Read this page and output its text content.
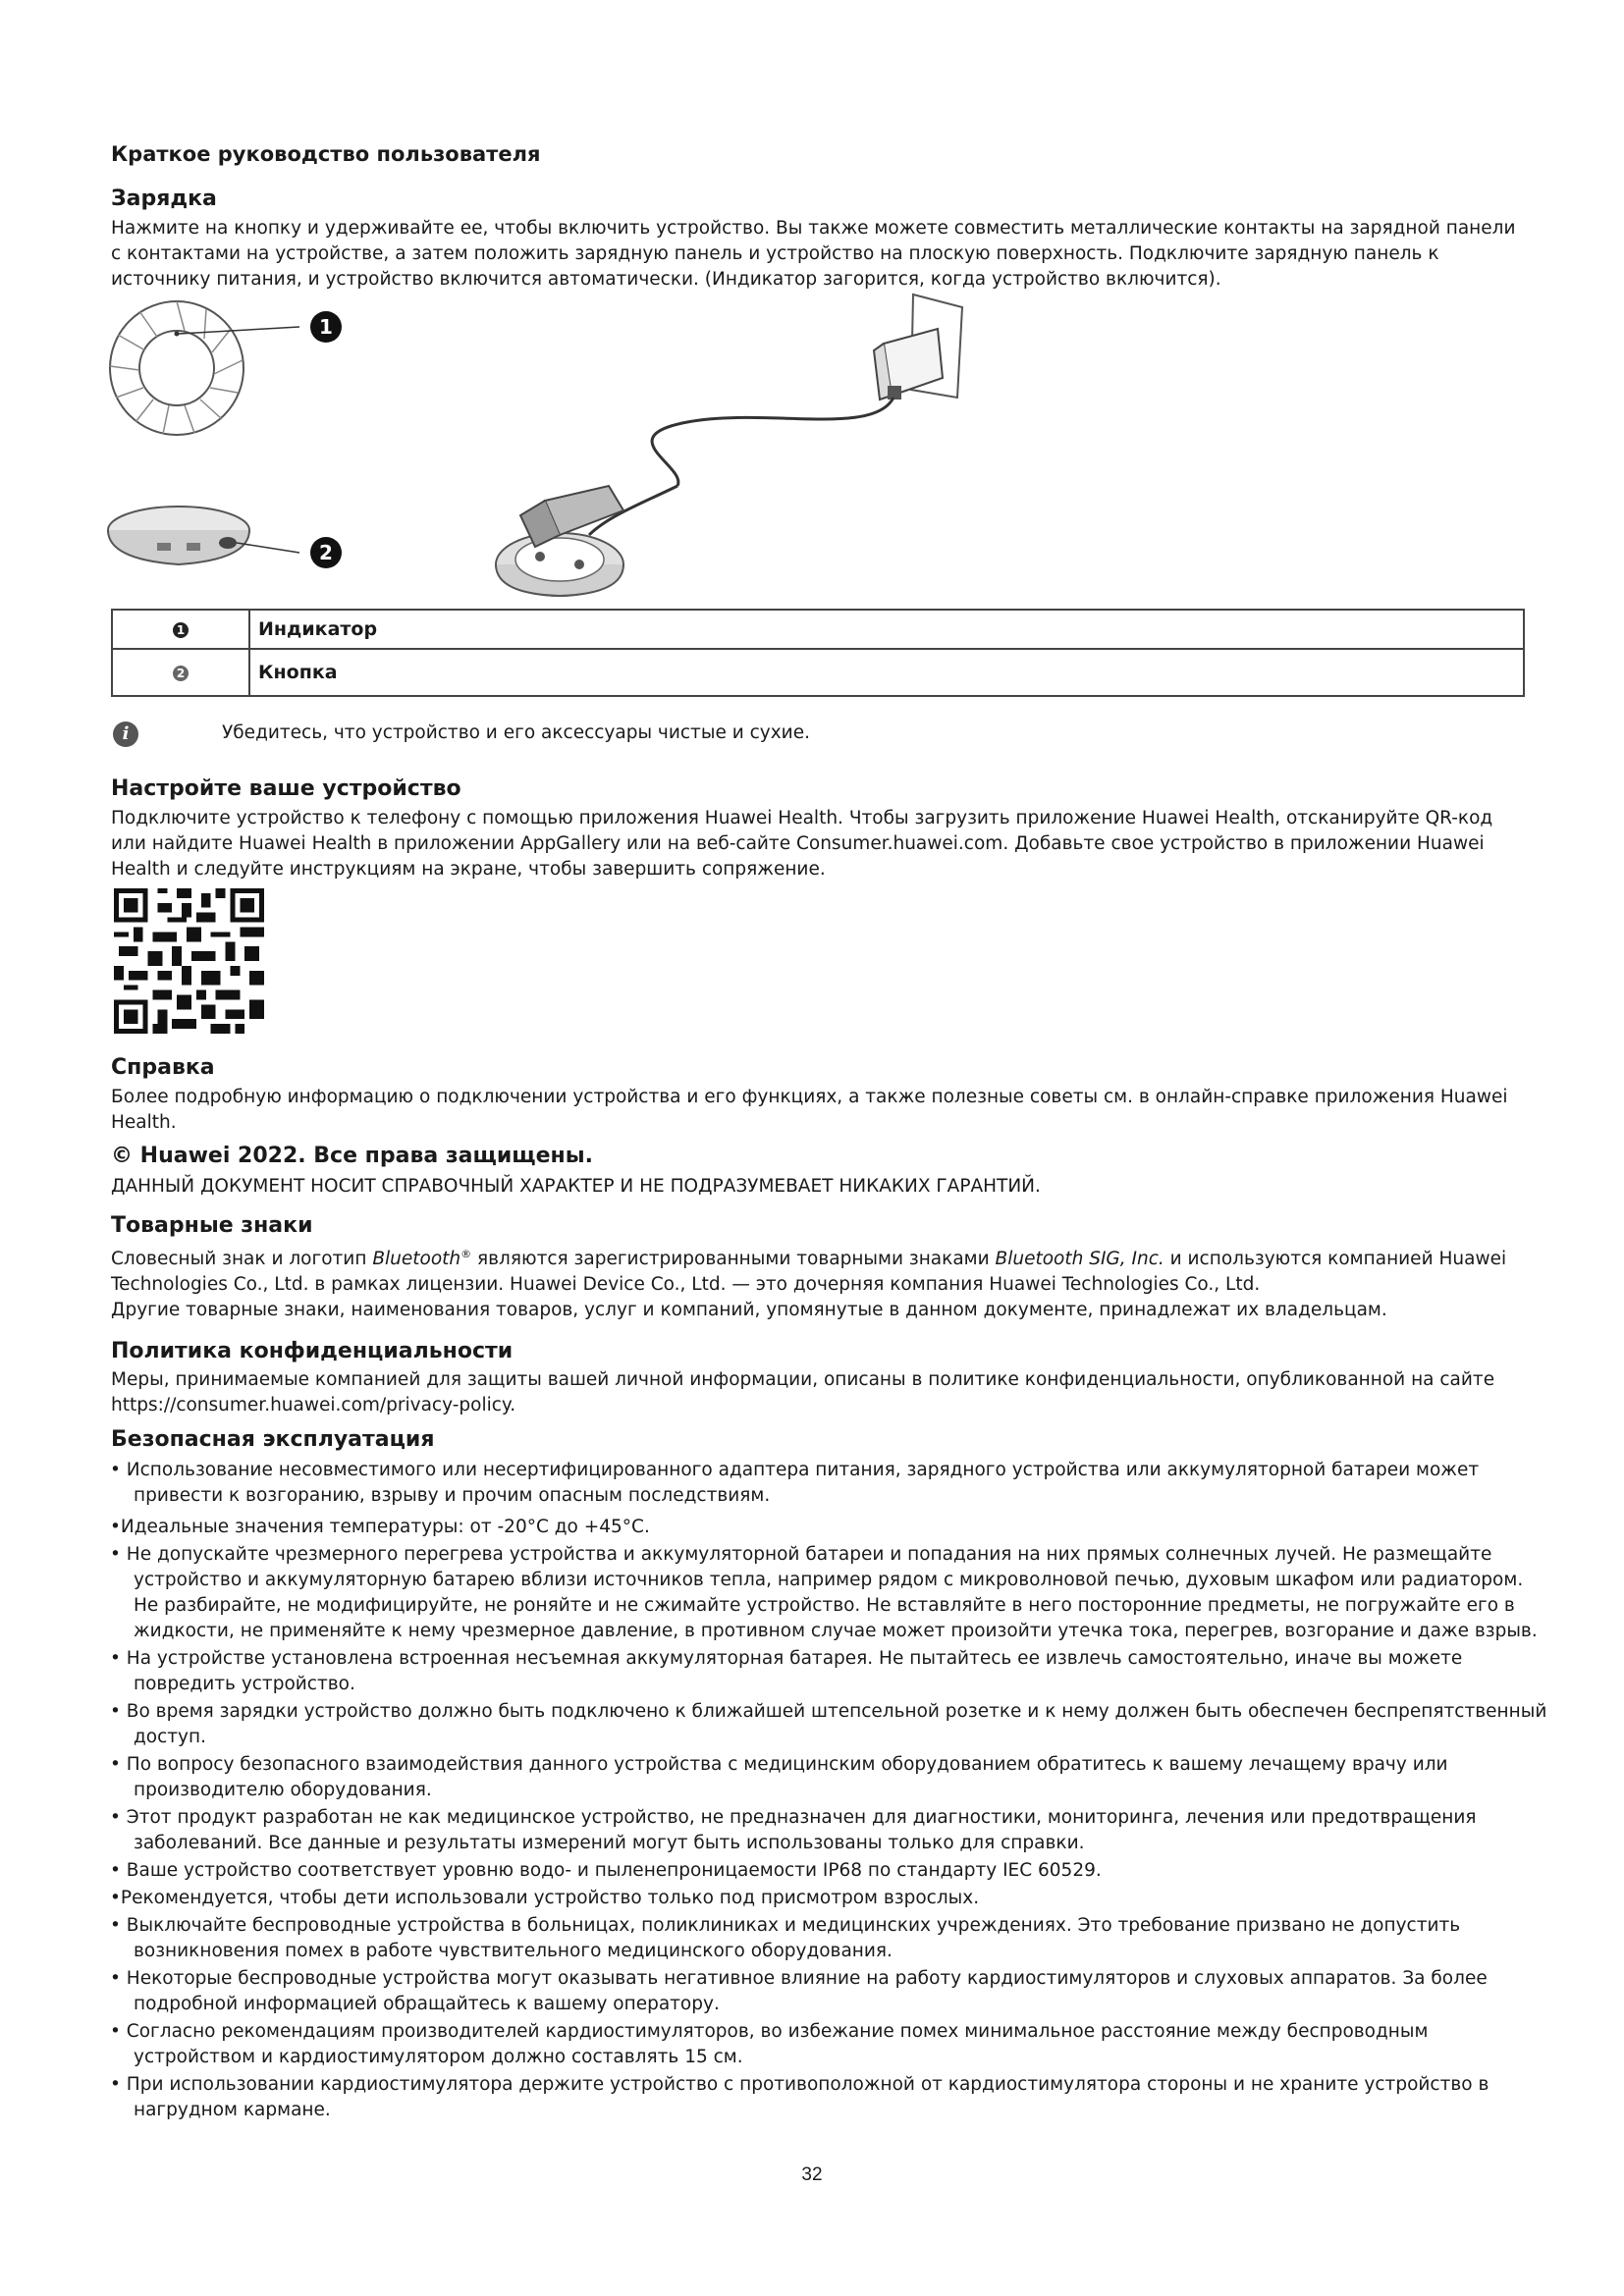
Краткое руководство пользователя
Зарядка
Нажмите на кнопку и удерживайте ее, чтобы включить устройство. Вы также можете совместить металлические контакты на зарядной панели с контактами на устройстве, а затем положить зарядную панель и устройство на плоскую поверхность. Подключите зарядную панель к источнику питания, и устройство включится автоматически. (Индикатор загорится, когда устройство включится).
1
2
1	Индикатор
2	Кнопка
i	Убедитесь, что устройство и его аксессуары чистые и сухие.
Настройте ваше устройство
Подключите устройство к телефону с помощью приложения Huawei Health. Чтобы загрузить приложение Huawei Health, отсканируйте QR-код или найдите Huawei Health в приложении AppGallery или на веб-сайте Consumer.huawei.com. Добавьте свое устройство в приложении Huawei Health и следуйте инструкциям на экране, чтобы завершить сопряжение.
Справка
Более подробную информацию о подключении устройства и его функциях, а также полезные советы см. в онлайн-справке приложения Huawei Health.
© Huawei 2022. Все права защищены.
ДАННЫЙ ДОКУМЕНТ НОСИТ СПРАВОЧНЫЙ ХАРАКТЕР И НЕ ПОДРАЗУМЕВАЕТ НИКАКИХ ГАРАНТИЙ.
Товарные знаки
Словесный знак и логотип Bluetooth® являются зарегистрированными товарными знаками Bluetooth SIG, Inc. и используются компанией Huawei Technologies Co., Ltd. в рамках лицензии. Huawei Device Co., Ltd. — это дочерняя компания Huawei Technologies Co., Ltd.
Другие товарные знаки, наименования товаров, услуг и компаний, упомянутые в данном документе, принадлежат их владельцам.
Политика конфиденциальности
Меры, принимаемые компанией для защиты вашей личной информации, описаны в политике конфиденциальности, опубликованной на сайте https://consumer.huawei.com/privacy-policy.
Безопасная эксплуатация
• Использование несовместимого или несертифицированного адаптера питания, зарядного устройства или аккумуляторной батареи может привести к возгоранию, взрыву и прочим опасным последствиям.
•Идеальные значения температуры: от -20°C до +45°C.
• Не допускайте чрезмерного перегрева устройства и аккумуляторной батареи и попадания на них прямых солнечных лучей. Не размещайте устройство и аккумуляторную батарею вблизи источников тепла, например рядом с микроволновой печью, духовым шкафом или радиатором. Не разбирайте, не модифицируйте, не роняйте и не сжимайте устройство. Не вставляйте в него посторонние предметы, не погружайте его в жидкости, не применяйте к нему чрезмерное давление, в противном случае может произойти утечка тока, перегрев, возгорание и даже взрыв.
• На устройстве установлена встроенная несъемная аккумуляторная батарея. Не пытайтесь ее извлечь самостоятельно, иначе вы можете повредить устройство.
• Во время зарядки устройство должно быть подключено к ближайшей штепсельной розетке и к нему должен быть обеспечен беспрепятственный доступ.
• По вопросу безопасного взаимодействия данного устройства с медицинским оборудованием обратитесь к вашему лечащему врачу или производителю оборудования.
• Этот продукт разработан не как медицинское устройство, не предназначен для диагностики, мониторинга, лечения или предотвращения заболеваний. Все данные и результаты измерений могут быть использованы только для справки.
• Ваше устройство соответствует уровню водо- и пыленепроницаемости IP68 по стандарту IEC 60529.
•Рекомендуется, чтобы дети использовали устройство только под присмотром взрослых.
• Выключайте беспроводные устройства в больницах, поликлиниках и медицинских учреждениях. Это требование призвано не допустить возникновения помех в работе чувствительного медицинского оборудования.
• Некоторые беспроводные устройства могут оказывать негативное влияние на работу кардиостимуляторов и слуховых аппаратов. За более подробной информацией обращайтесь к вашему оператору.
• Согласно рекомендациям производителей кардиостимуляторов, во избежание помех минимальное расстояние между беспроводным устройством и кардиостимулятором должно составлять 15 см.
• При использовании кардиостимулятора держите устройство с противоположной от кардиостимулятора стороны и не храните устройство в нагрудном кармане.
32
